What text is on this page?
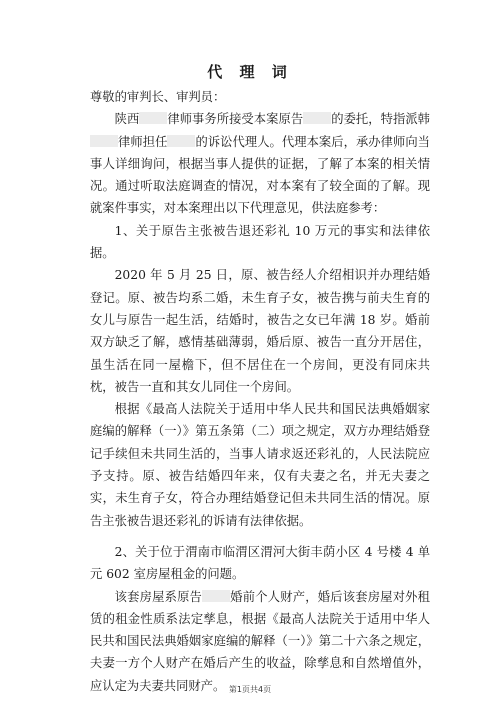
代 理 词

尊敬的审判长、审判员：

陕西 律师事务所接受本案原告 的委托，特指派韩律师担任 的诉讼代理人。代理本案后，承办律师向当事人详细询问，根据当事人提供的证据，了解了本案的相关情况。通过听取法庭调查的情况，对本案有了较全面的了解。现就案件事实，对本案理出以下代理意见，供法庭参考：

1、关于原告主张被告退还彩礼 10 万元的事实和法律依据。

2020 年 5 月 25 日，原、被告经人介绍相识并办理结婚登记。原、被告均系二婚，未生育子女，被告携与前夫生育的女儿与原告一起生活，结婚时，被告之女已年满 18 岁。婚前双方缺乏了解，感情基础薄弱，婚后原、被告一直分开居住，虽生活在同一屋檐下，但不居住在一个房间，更没有同床共枕，被告一直和其女儿同住一个房间。

根据《最高人法院关于适用中华人民共和国民法典婚姻家庭编的解释（一）》第五条第（二）项之规定，双方办理结婚登记手续但未共同生活的，当事人请求返还彩礼的，人民法院应予支持。原、被告结婚四年来，仅有夫妻之名，并无夫妻之实，未生育子女，符合办理结婚登记但未共同生活的情况。原告主张被告退还彩礼的诉请有法律依据。

2、关于位于渭南市临渭区渭河大街丰荫小区 4 号楼 4 单元 602 室房屋租金的问题。

该套房屋系原告 婚前个人财产，婚后该套房屋对外租赁的租金性质系法定孳息，根据《最高人法院关于适用中华人民共和国民法典婚姻家庭编的解释（一）》第二十六条之规定，夫妻一方个人财产在婚后产生的收益，除孳息和自然增值外，应认定为夫妻共同财产。 第1页共4页
